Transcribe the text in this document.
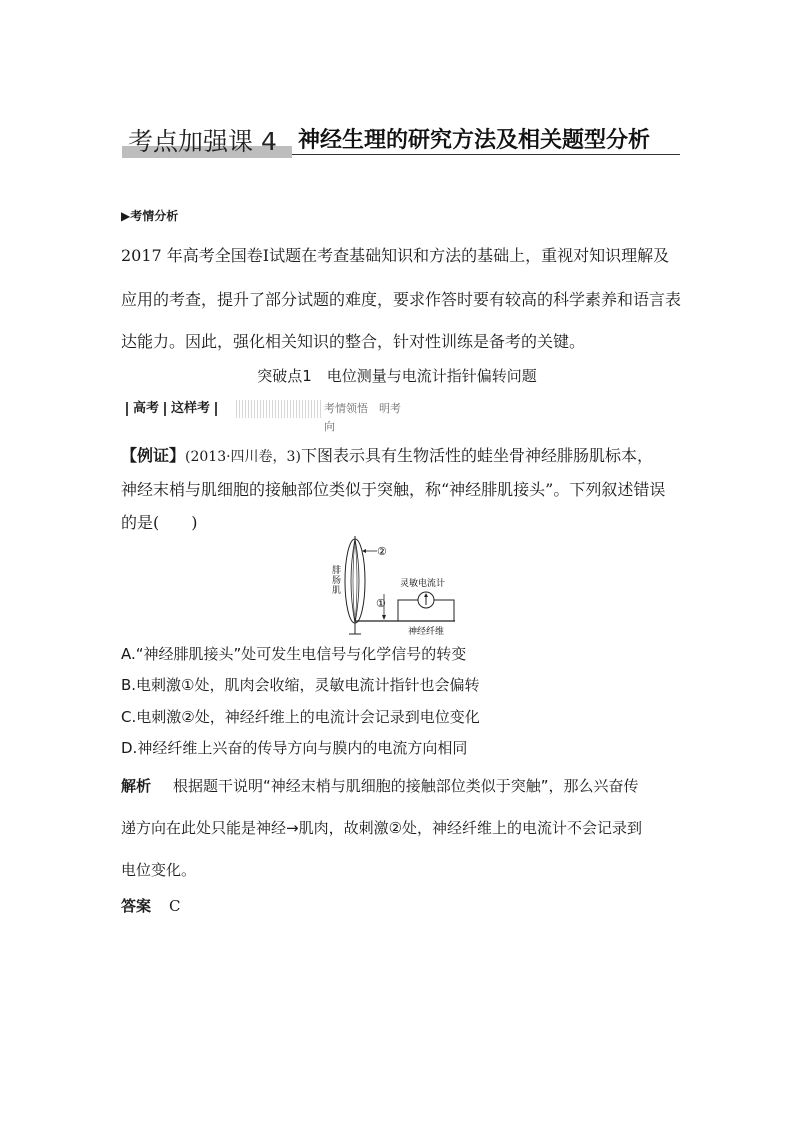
考点加强课 4 神经生理的研究方法及相关题型分析
▶考情分析
2017 年高考全国卷Ⅰ试题在考查基础知识和方法的基础上，重视对知识理解及
应用的考查，提升了部分试题的难度，要求作答时要有较高的科学素养和语言表
达能力。因此，强化相关知识的整合，针对性训练是备考的关键。
突破点1　电位测量与电流计指针偏转问题
高考 这样考	考情领悟　明考向
【例证】(2013·四川卷，3)下图表示具有生物活性的蛙坐骨神经腓肠肌标本，
神经末梢与肌细胞的接触部位类似于突触，称“神经腓肌接头”。下列叙述错误
的是(　　)
②
①
灵敏电流计
神经纤维
腓肠肌
A.“神经腓肌接头”处可发生电信号与化学信号的转变
B.电刺激①处，肌肉会收缩，灵敏电流计指针也会偏转
C.电刺激②处，神经纤维上的电流计会记录到电位变化
D.神经纤维上兴奋的传导方向与膜内的电流方向相同
解析 根据题干说明“神经末梢与肌细胞的接触部位类似于突触”，那么兴奋传
递方向在此处只能是神经→肌肉，故刺激②处，神经纤维上的电流计不会记录到
电位变化。
答案 C
